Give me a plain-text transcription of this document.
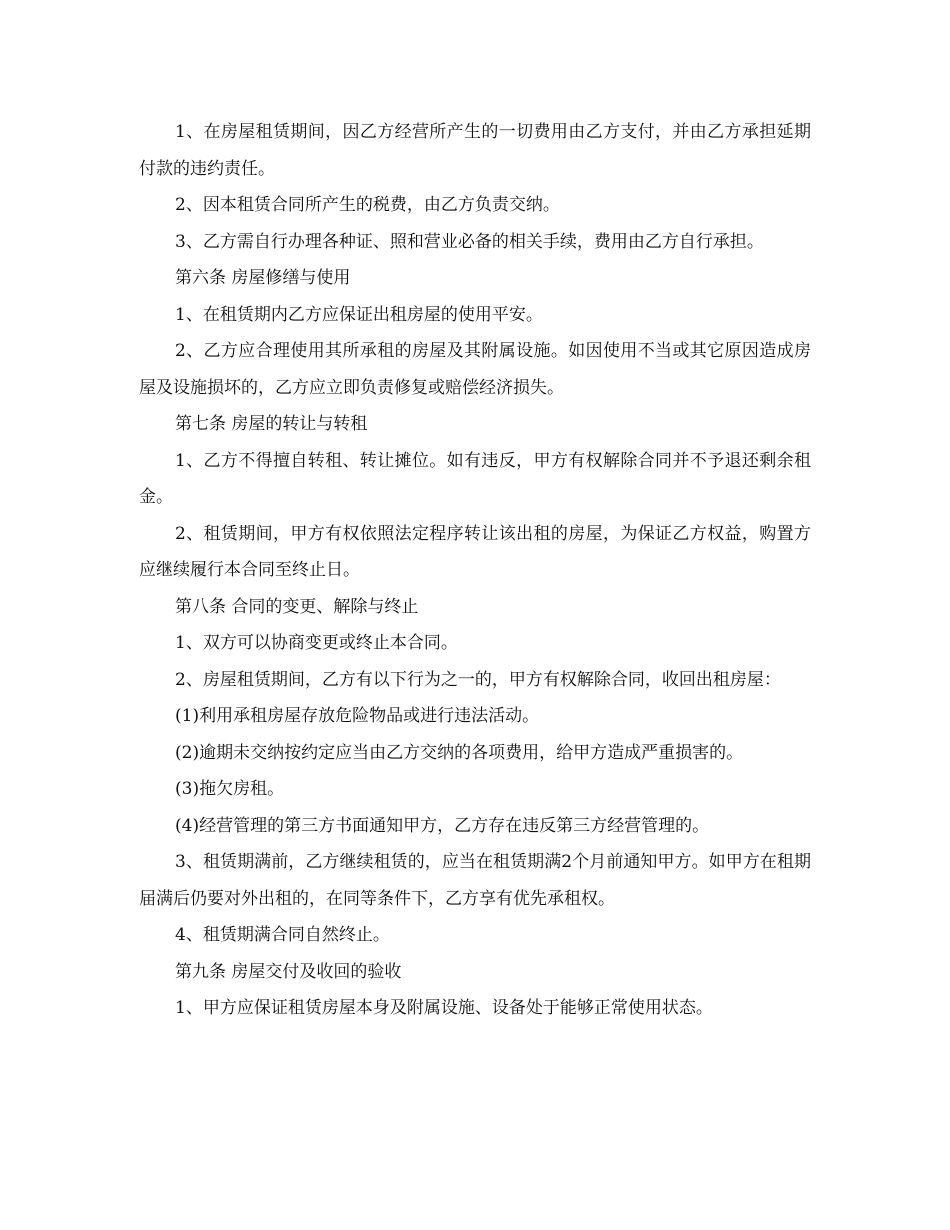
1、在房屋租赁期间，因乙方经营所产生的一切费用由乙方支付，并由乙方承担延期付款的违约责任。

2、因本租赁合同所产生的税费，由乙方负责交纳。

3、乙方需自行办理各种证、照和营业必备的相关手续，费用由乙方自行承担。

第六条 房屋修缮与使用

1、在租赁期内乙方应保证出租房屋的使用平安。

2、乙方应合理使用其所承租的房屋及其附属设施。如因使用不当或其它原因造成房屋及设施损坏的，乙方应立即负责修复或赔偿经济损失。

第七条 房屋的转让与转租

1、乙方不得擅自转租、转让摊位。如有违反，甲方有权解除合同并不予退还剩余租金。

2、租赁期间，甲方有权依照法定程序转让该出租的房屋，为保证乙方权益，购置方应继续履行本合同至终止日。

第八条 合同的变更、解除与终止

1、双方可以协商变更或终止本合同。

2、房屋租赁期间，乙方有以下行为之一的，甲方有权解除合同，收回出租房屋：

(1)利用承租房屋存放危险物品或进行违法活动。

(2)逾期未交纳按约定应当由乙方交纳的各项费用，给甲方造成严重损害的。

(3)拖欠房租。

(4)经营管理的第三方书面通知甲方，乙方存在违反第三方经营管理的。

3、租赁期满前，乙方继续租赁的，应当在租赁期满2个月前通知甲方。如甲方在租期届满后仍要对外出租的，在同等条件下，乙方享有优先承租权。

4、租赁期满合同自然终止。

第九条 房屋交付及收回的验收

1、甲方应保证租赁房屋本身及附属设施、设备处于能够正常使用状态。
